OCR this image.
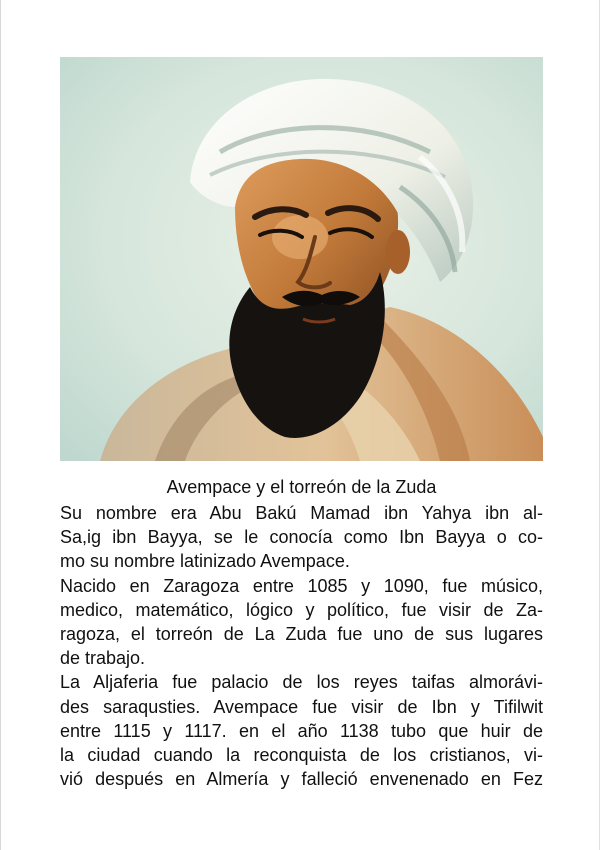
Avempace y el torreón de la Zuda
Su nombre era Abu Bakú Mamad ibn Yahya ibn al-
Sa,ig ibn Bayya, se le conocía como Ibn Bayya o co-
mo su nombre latinizado Avempace.
Nacido en Zaragoza entre 1085 y 1090, fue músico,
medico, matemático, lógico y político, fue visir de Za-
ragoza, el torreón de La Zuda fue uno de sus lugares
de trabajo.
La Aljaferia fue palacio de los reyes taifas almorávi-
des saraqusties. Avempace fue visir de Ibn y Tifilwit
entre 1115 y 1117. en el año 1138 tubo que huir de
la ciudad cuando la reconquista de los cristianos, vi-
vió después en Almería y falleció envenenado en Fez
